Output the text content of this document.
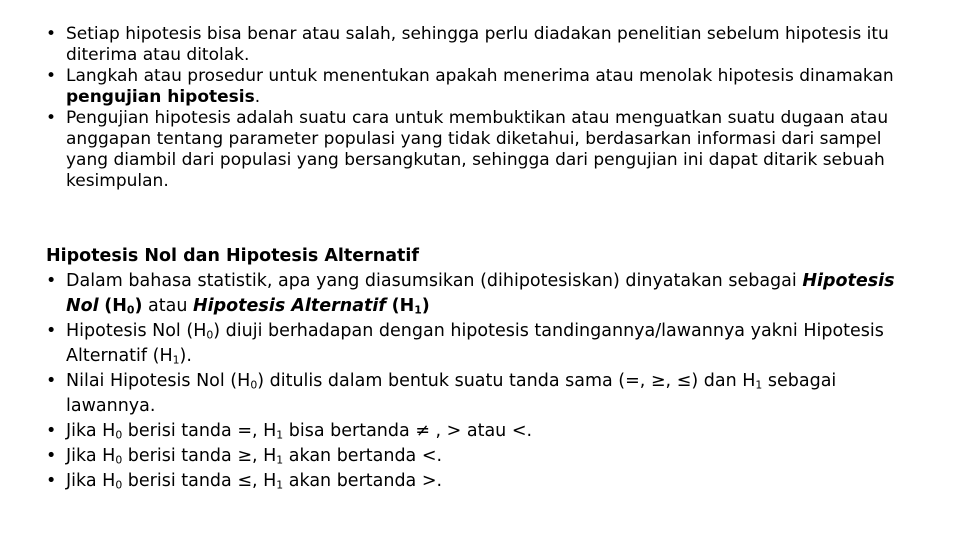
• Setiap hipotesis bisa benar atau salah, sehingga perlu diadakan penelitian sebelum hipotesis itu diterima atau ditolak.
• Langkah atau prosedur untuk menentukan apakah menerima atau menolak hipotesis dinamakan pengujian hipotesis.
• Pengujian hipotesis adalah suatu cara untuk membuktikan atau menguatkan suatu dugaan atau anggapan tentang parameter populasi yang tidak diketahui, berdasarkan informasi dari sampel yang diambil dari populasi yang bersangkutan, sehingga dari pengujian ini dapat ditarik sebuah kesimpulan.
Hipotesis Nol dan Hipotesis Alternatif
• Dalam bahasa statistik, apa yang diasumsikan (dihipotesiskan) dinyatakan sebagai Hipotesis Nol $(H_0)$ atau Hipotesis Alternatif $(H_1)$
• Hipotesis Nol $(H_0)$ diuji berhadapan dengan hipotesis tandingannya/lawannya yakni Hipotesis Alternatif $(H_1)$.
• Nilai Hipotesis Nol $(H_0)$ ditulis dalam bentuk suatu tanda sama (=, ≥, ≤) dan $H_1$ sebagai lawannya.
• Jika $H_0$ berisi tanda =, $H_1$ bisa bertanda ≠ , > atau <.
• Jika $H_0$ berisi tanda ≥, $H_1$ akan bertanda <.
• Jika $H_0$ berisi tanda ≤, $H_1$ akan bertanda >.
